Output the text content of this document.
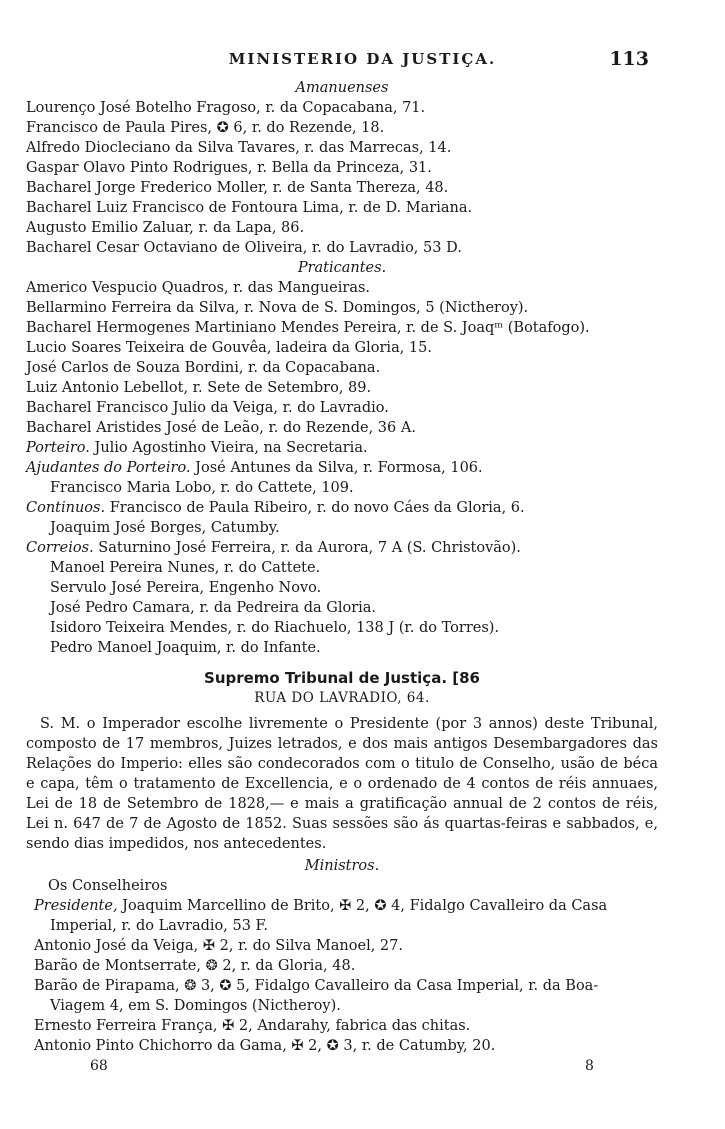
MINISTERIO DA JUSTIÇA.	113

Amanuenses

Lourenço José Botelho Fragoso, r. da Copacabana, 71.

Francisco de Paula Pires, ✪ 6, r. do Rezende, 18.

Alfredo Diocleciano da Silva Tavares, r. das Marrecas, 14.

Gaspar Olavo Pinto Rodrigues, r. Bella da Princeza, 31.

Bacharel Jorge Frederico Moller, r. de Santa Thereza, 48.

Bacharel Luiz Francisco de Fontoura Lima, r. de D. Mariana.

Augusto Emilio Zaluar, r. da Lapa, 86.

Bacharel Cesar Octaviano de Oliveira, r. do Lavradio, 53 D.

Praticantes.

Americo Vespucio Quadros, r. das Mangueiras.

Bellarmino Ferreira da Silva, r. Nova de S. Domingos, 5 (Nictheroy).

Bacharel Hermogenes Martiniano Mendes Pereira, r. de S. Joaqᵐ (Botafogo).

Lucio Soares Teixeira de Gouvêa, ladeira da Gloria, 15.

José Carlos de Souza Bordini, r. da Copacabana.

Luiz Antonio Lebellot, r. Sete de Setembro, 89.

Bacharel Francisco Julio da Veiga, r. do Lavradio.

Bacharel Aristides José de Leão, r. do Rezende, 36 A.

Porteiro. Julio Agostinho Vieira, na Secretaria.

Ajudantes do Porteiro. José Antunes da Silva, r. Formosa, 106.

Francisco Maria Lobo, r. do Cattete, 109.

Continuos. Francisco de Paula Ribeiro, r. do novo Cáes da Gloria, 6.

Joaquim José Borges, Catumby.

Correios. Saturnino José Ferreira, r. da Aurora, 7 A (S. Christovão).

Manoel Pereira Nunes, r. do Cattete.

Servulo José Pereira, Engenho Novo.

José Pedro Camara, r. da Pedreira da Gloria.

Isidoro Teixeira Mendes, r. do Riachuelo, 138 J (r. do Torres).

Pedro Manoel Joaquim, r. do Infante.

Supremo Tribunal de Justiça. [86

RUA DO LAVRADIO, 64.

S. M. o Imperador escolhe livremente o Presidente (por 3 annos) deste Tribunal, composto de 17 membros, Juizes letrados, e dos mais antigos Desembargadores das Relações do Imperio: elles são condecorados com o titulo de Conselho, usão de béca e capa, têm o tratamento de Excellencia, e o ordenado de 4 contos de réis annuaes, Lei de 18 de Setembro de 1828,— e mais a gratificação annual de 2 contos de réis, Lei n. 647 de 7 de Agosto de 1852. Suas sessões são ás quartas-feiras e sabbados, e, sendo dias impedidos, nos antecedentes.

Ministros.

Os Conselheiros

Presidente, Joaquim Marcellino de Brito, ✠ 2, ✪ 4, Fidalgo Cavalleiro da Casa

Imperial, r. do Lavradio, 53 F.

Antonio José da Veiga, ✠ 2, r. do Silva Manoel, 27.

Barão de Montserrate, ❂ 2, r. da Gloria, 48.

Barão de Pirapama, ❂ 3, ✪ 5, Fidalgo Cavalleiro da Casa Imperial, r. da Boa-

Viagem 4, em S. Domingos (Nictheroy).

Ernesto Ferreira França, ✠ 2, Andarahy, fabrica das chitas.

Antonio Pinto Chichorro da Gama, ✠ 2, ✪ 3, r. de Catumby, 20.

68	8
